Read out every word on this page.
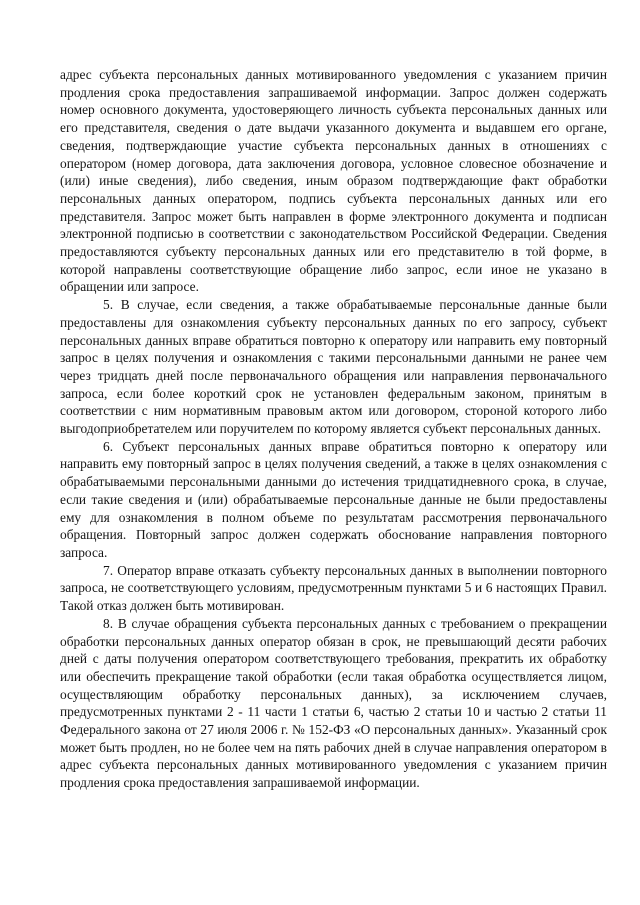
адрес субъекта персональных данных мотивированного уведомления с указанием причин продления срока предоставления запрашиваемой информации. Запрос должен содержать номер основного документа, удостоверяющего личность субъекта персональных данных или его представителя, сведения о дате выдачи указанного документа и выдавшем его органе, сведения, подтверждающие участие субъекта персональных данных в отношениях с оператором (номер договора, дата заключения договора, условное словесное обозначение и (или) иные сведения), либо сведения, иным образом подтверждающие факт обработки персональных данных оператором, подпись субъекта персональных данных или его представителя. Запрос может быть направлен в форме электронного документа и подписан электронной подписью в соответствии с законодательством Российской Федерации. Сведения предоставляются субъекту персональных данных или его представителю в той форме, в которой направлены соответствующие обращение либо запрос, если иное не указано в обращении или запросе.

5. В случае, если сведения, а также обрабатываемые персональные данные были предоставлены для ознакомления субъекту персональных данных по его запросу, субъект персональных данных вправе обратиться повторно к оператору или направить ему повторный запрос в целях получения и ознакомления с такими персональными данными не ранее чем через тридцать дней после первоначального обращения или направления первоначального запроса, если более короткий срок не установлен федеральным законом, принятым в соответствии с ним нормативным правовым актом или договором, стороной которого либо выгодоприобретателем или поручителем по которому является субъект персональных данных.

6. Субъект персональных данных вправе обратиться повторно к оператору или направить ему повторный запрос в целях получения сведений, а также в целях ознакомления с обрабатываемыми персональными данными до истечения тридцатидневного срока, в случае, если такие сведения и (или) обрабатываемые персональные данные не были предоставлены ему для ознакомления в полном объеме по результатам рассмотрения первоначального обращения. Повторный запрос должен содержать обоснование направления повторного запроса.

7. Оператор вправе отказать субъекту персональных данных в выполнении повторного запроса, не соответствующего условиям, предусмотренным пунктами 5 и 6 настоящих Правил. Такой отказ должен быть мотивирован.

8. В случае обращения субъекта персональных данных с требованием о прекращении обработки персональных данных оператор обязан в срок, не превышающий десяти рабочих дней с даты получения оператором соответствующего требования, прекратить их обработку или обеспечить прекращение такой обработки (если такая обработка осуществляется лицом, осуществляющим обработку персональных данных), за исключением случаев, предусмотренных пунктами 2 - 11 части 1 статьи 6, частью 2 статьи 10 и частью 2 статьи 11 Федерального закона от 27 июля 2006 г. № 152-ФЗ «О персональных данных». Указанный срок может быть продлен, но не более чем на пять рабочих дней в случае направления оператором в адрес субъекта персональных данных мотивированного уведомления с указанием причин продления срока предоставления запрашиваемой информации.
